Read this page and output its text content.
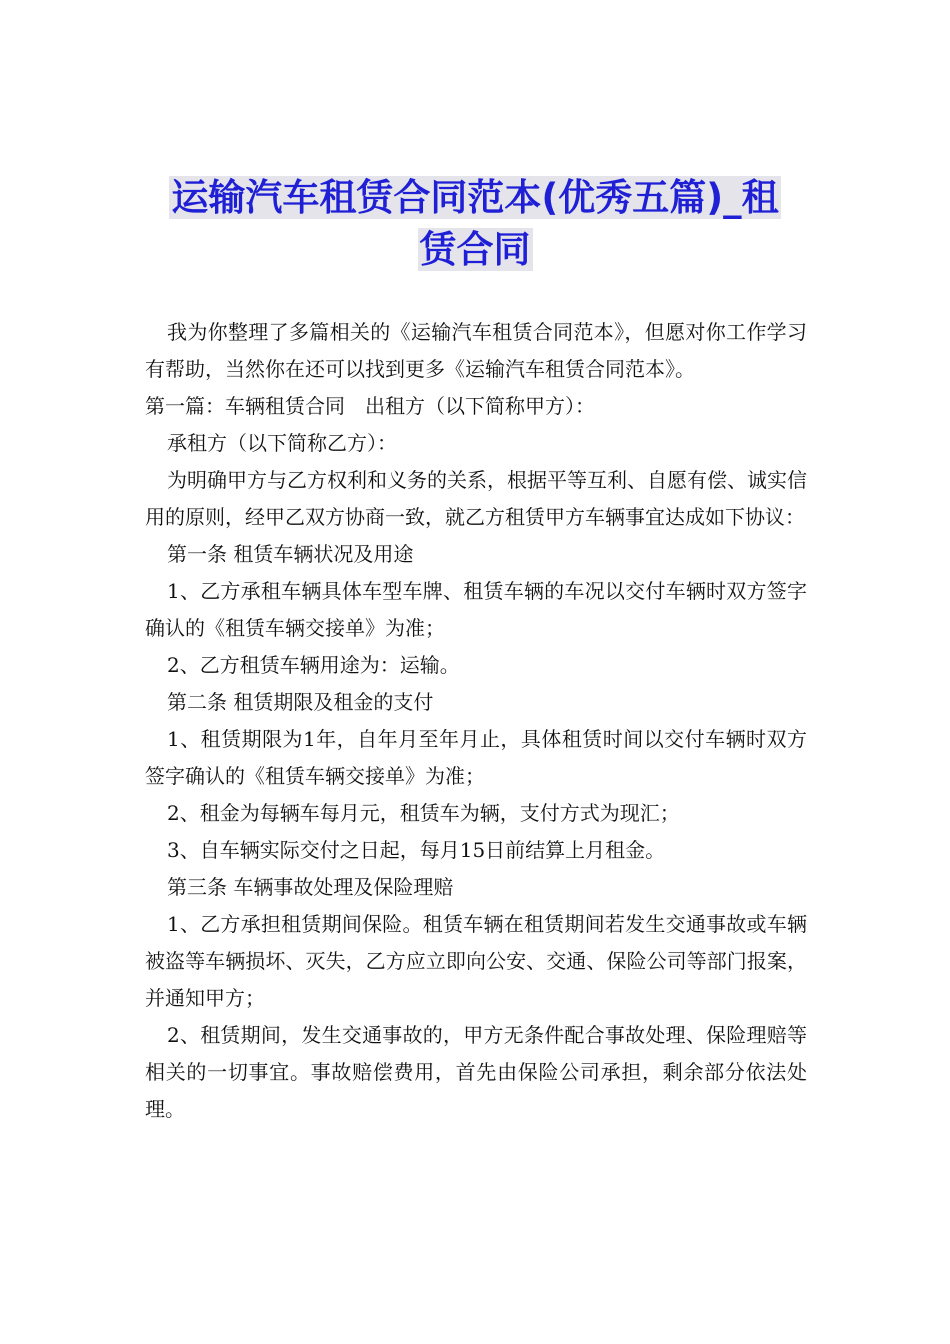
运输汽车租赁合同范本(优秀五篇)_租
赁合同

我为你整理了多篇相关的《运输汽车租赁合同范本》，但愿对你工作学习有帮助，当然你在还可以找到更多《运输汽车租赁合同范本》。

第一篇：车辆租赁合同　出租方（以下简称甲方）：

承租方（以下简称乙方）：

为明确甲方与乙方权利和义务的关系，根据平等互利、自愿有偿、诚实信用的原则，经甲乙双方协商一致，就乙方租赁甲方车辆事宜达成如下协议：

第一条 租赁车辆状况及用途

1、乙方承租车辆具体车型车牌、租赁车辆的车况以交付车辆时双方签字确认的《租赁车辆交接单》为准；

2、乙方租赁车辆用途为：运输。

第二条 租赁期限及租金的支付

1、租赁期限为1年，自年月至年月止，具体租赁时间以交付车辆时双方签字确认的《租赁车辆交接单》为准；

2、租金为每辆车每月元，租赁车为辆，支付方式为现汇；

3、自车辆实际交付之日起，每月15日前结算上月租金。

第三条 车辆事故处理及保险理赔

1、乙方承担租赁期间保险。租赁车辆在租赁期间若发生交通事故或车辆被盗等车辆损坏、灭失，乙方应立即向公安、交通、保险公司等部门报案，并通知甲方；

2、租赁期间，发生交通事故的，甲方无条件配合事故处理、保险理赔等相关的一切事宜。事故赔偿费用，首先由保险公司承担，剩余部分依法处理。
